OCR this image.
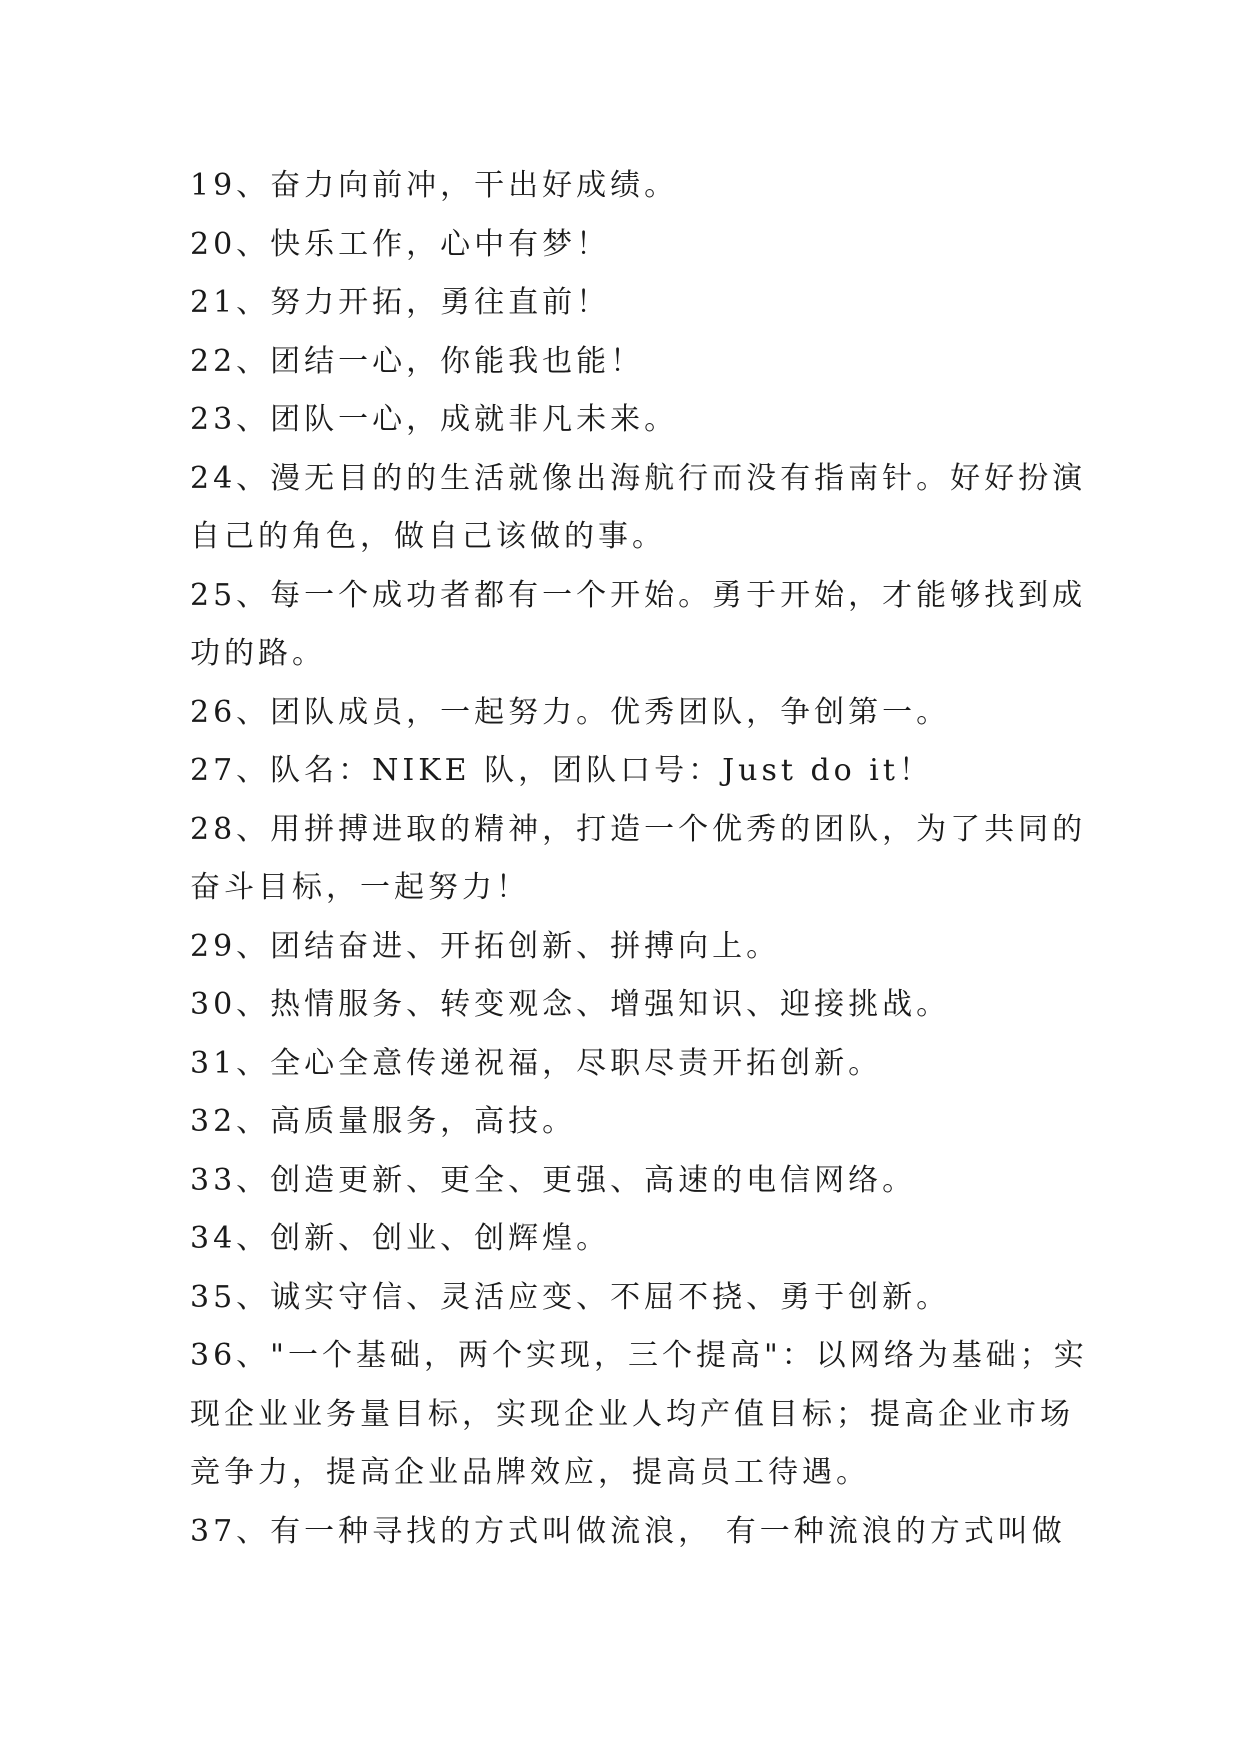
19、奋力向前冲，干出好成绩。
20、快乐工作，心中有梦！
21、努力开拓，勇往直前！
22、团结一心，你能我也能！
23、团队一心，成就非凡未来。
24、漫无目的的生活就像出海航行而没有指南针。好好扮演
自己的角色，做自己该做的事。
25、每一个成功者都有一个开始。勇于开始，才能够找到成
功的路。
26、团队成员，一起努力。优秀团队，争创第一。
27、队名：NIKE 队，团队口号：Just do it！
28、用拼搏进取的精神，打造一个优秀的团队，为了共同的
奋斗目标，一起努力！
29、团结奋进、开拓创新、拼搏向上。
30、热情服务、转变观念、增强知识、迎接挑战。
31、全心全意传递祝福，尽职尽责开拓创新。
32、高质量服务，高技。
33、创造更新、更全、更强、高速的电信网络。
34、创新、创业、创辉煌。
35、诚实守信、灵活应变、不屈不挠、勇于创新。
36、"一个基础，两个实现，三个提高"：以网络为基础；实
现企业业务量目标，实现企业人均产值目标；提高企业市场
竞争力，提高企业品牌效应，提高员工待遇。
37、有一种寻找的方式叫做流浪， 有一种流浪的方式叫做
